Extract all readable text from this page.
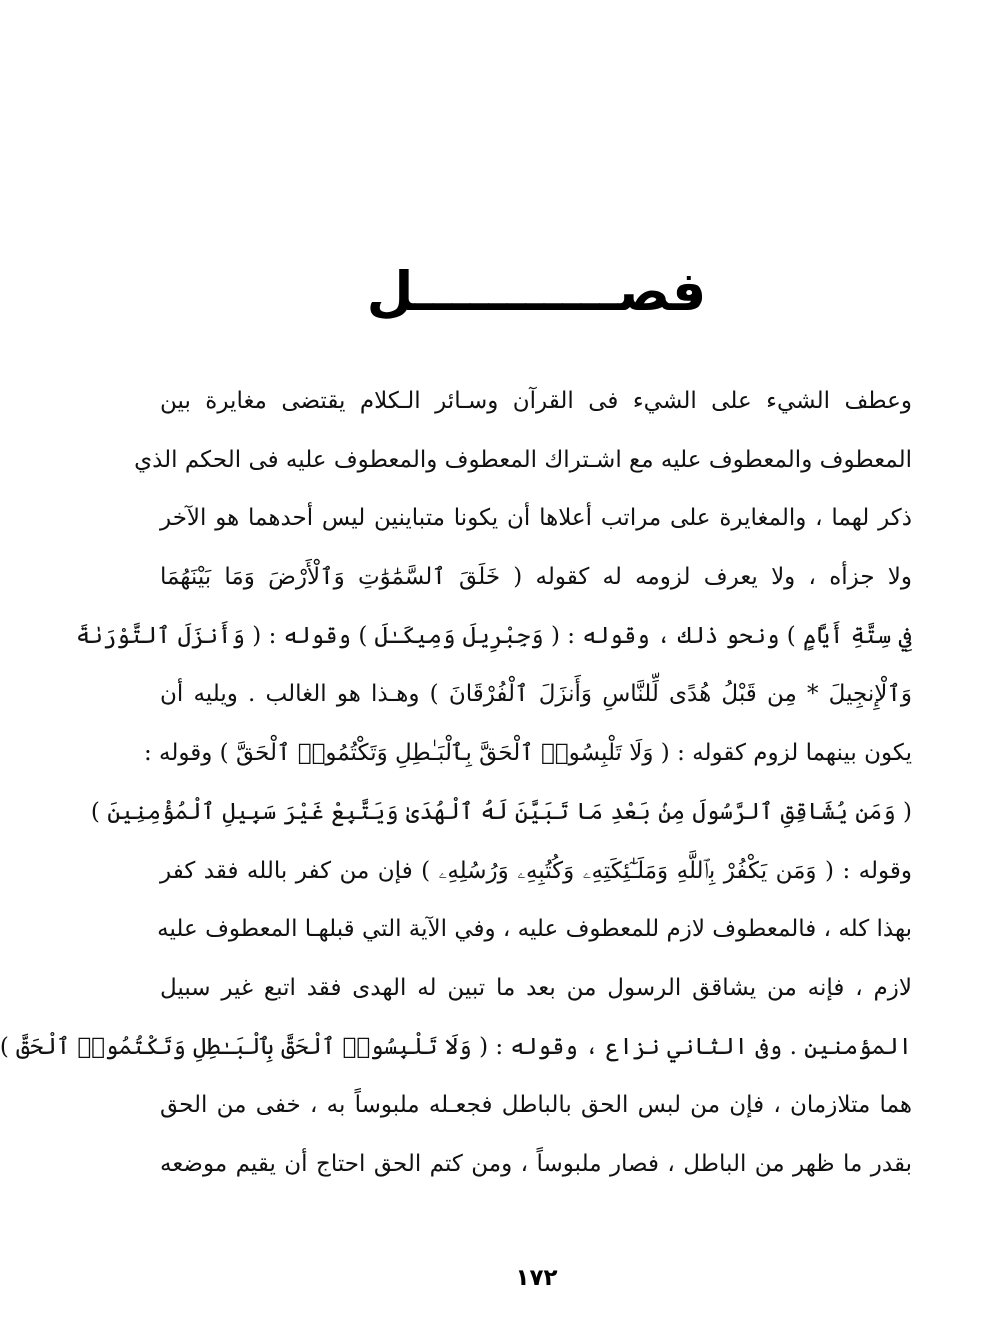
فصـــــــــــل
وعطف الشيء على الشيء فى القرآن وسـائر الـكلام يقتضى مغايرة بين
المعطوف والمعطوف عليه مع اشـتراك المعطوف والمعطوف عليه فى الحكم الذي
ذكر لهما ، والمغايرة على مراتب أعلاها أن يكونا متباينين ليس أحدهما هو الآخر
ولا جزأه ، ولا يعرف لزومه له كقوله ( خَلَقَ ٱلسَّمَٰوَٰتِ وَٱلْأَرْضَ وَمَا بَيْنَهُمَا
فِي سِتَّةِ أَيَّامٍ ) ونحو ذلك ، وقوله : ( وَجِبْرِيلَ وَمِيكَـٰلَ ) وقوله : ( وَأَنزَلَ ٱلتَّوْرَىٰةَ
وَٱلْإِنجِيلَ * مِن قَبْلُ هُدًى لِّلنَّاسِ وَأَنزَلَ ٱلْفُرْقَانَ ) وهـذا هو الغالب . ويليه أن
يكون بينهما لزوم كقوله : ( وَلَا تَلْبِسُوا۟ ٱلْحَقَّ بِٱلْبَـٰطِلِ وَتَكْتُمُوا۟ ٱلْحَقَّ ) وقوله :
( وَمَن يُشَاقِقِ ٱلرَّسُولَ مِنۢ بَعْدِ مَا تَبَيَّنَ لَهُ ٱلْهُدَىٰ وَيَتَّبِعْ غَيْرَ سَبِيلِ ٱلْمُؤْمِنِينَ )
وقوله : ( وَمَن يَكْفُرْ بِٱللَّهِ وَمَلَـٰٓئِكَتِهِۦ وَكُتُبِهِۦ وَرُسُلِهِۦ ) فإن من كفر بالله فقد كفر
بهذا كله ، فالمعطوف لازم للمعطوف عليه ، وفي الآية التي قبلهـا المعطوف عليه
لازم ، فإنه من يشاقق الرسول من بعد ما تبين له الهدى فقد اتبع غير سبيل
المؤمنين . وفى الثاني نزاع ، وقوله : ( وَلَا تَلْبِسُوا۟ ٱلْحَقَّ بِٱلْبَـٰطِلِ وَتَكْتُمُوا۟ ٱلْحَقَّ )
هما متلازمان ، فإن من لبس الحق بالباطل فجعـله ملبوساً به ، خفى من الحق
بقدر ما ظهر من الباطل ، فصار ملبوساً ، ومن كتم الحق احتاج أن يقيم موضعه
١٧٢
